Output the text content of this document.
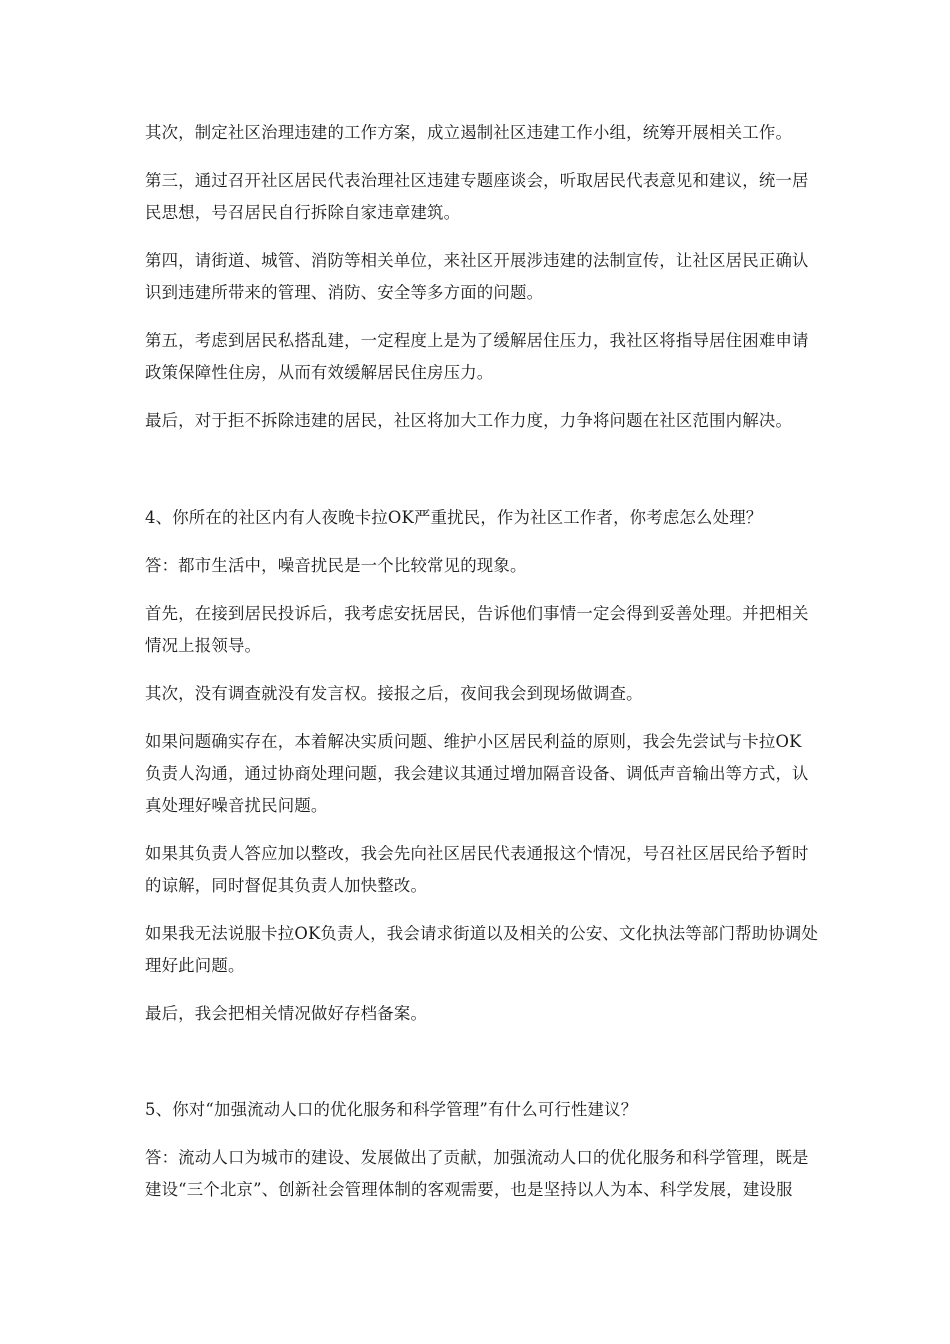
其次，制定社区治理违建的工作方案，成立遏制社区违建工作小组，统筹开展相关工作。

第三，通过召开社区居民代表治理社区违建专题座谈会，听取居民代表意见和建议，统一居
民思想，号召居民自行拆除自家违章建筑。

第四，请街道、城管、消防等相关单位，来社区开展涉违建的法制宣传，让社区居民正确认
识到违建所带来的管理、消防、安全等多方面的问题。

第五，考虑到居民私搭乱建，一定程度上是为了缓解居住压力，我社区将指导居住困难申请
政策保障性住房，从而有效缓解居民住房压力。

最后，对于拒不拆除违建的居民，社区将加大工作力度，力争将问题在社区范围内解决。

4、你所在的社区内有人夜晚卡拉OK严重扰民，作为社区工作者，你考虑怎么处理？

答：都市生活中，噪音扰民是一个比较常见的现象。

首先，在接到居民投诉后，我考虑安抚居民，告诉他们事情一定会得到妥善处理。并把相关
情况上报领导。

其次，没有调查就没有发言权。接报之后，夜间我会到现场做调查。

如果问题确实存在，本着解决实质问题、维护小区居民利益的原则，我会先尝试与卡拉OK
负责人沟通，通过协商处理问题，我会建议其通过增加隔音设备、调低声音输出等方式，认
真处理好噪音扰民问题。

如果其负责人答应加以整改，我会先向社区居民代表通报这个情况，号召社区居民给予暂时
的谅解，同时督促其负责人加快整改。

如果我无法说服卡拉OK负责人，我会请求街道以及相关的公安、文化执法等部门帮助协调处
理好此问题。

最后，我会把相关情况做好存档备案。

5、你对“加强流动人口的优化服务和科学管理”有什么可行性建议？

答：流动人口为城市的建设、发展做出了贡献，加强流动人口的优化服务和科学管理，既是
建设“三个北京”、创新社会管理体制的客观需要，也是坚持以人为本、科学发展，建设服
